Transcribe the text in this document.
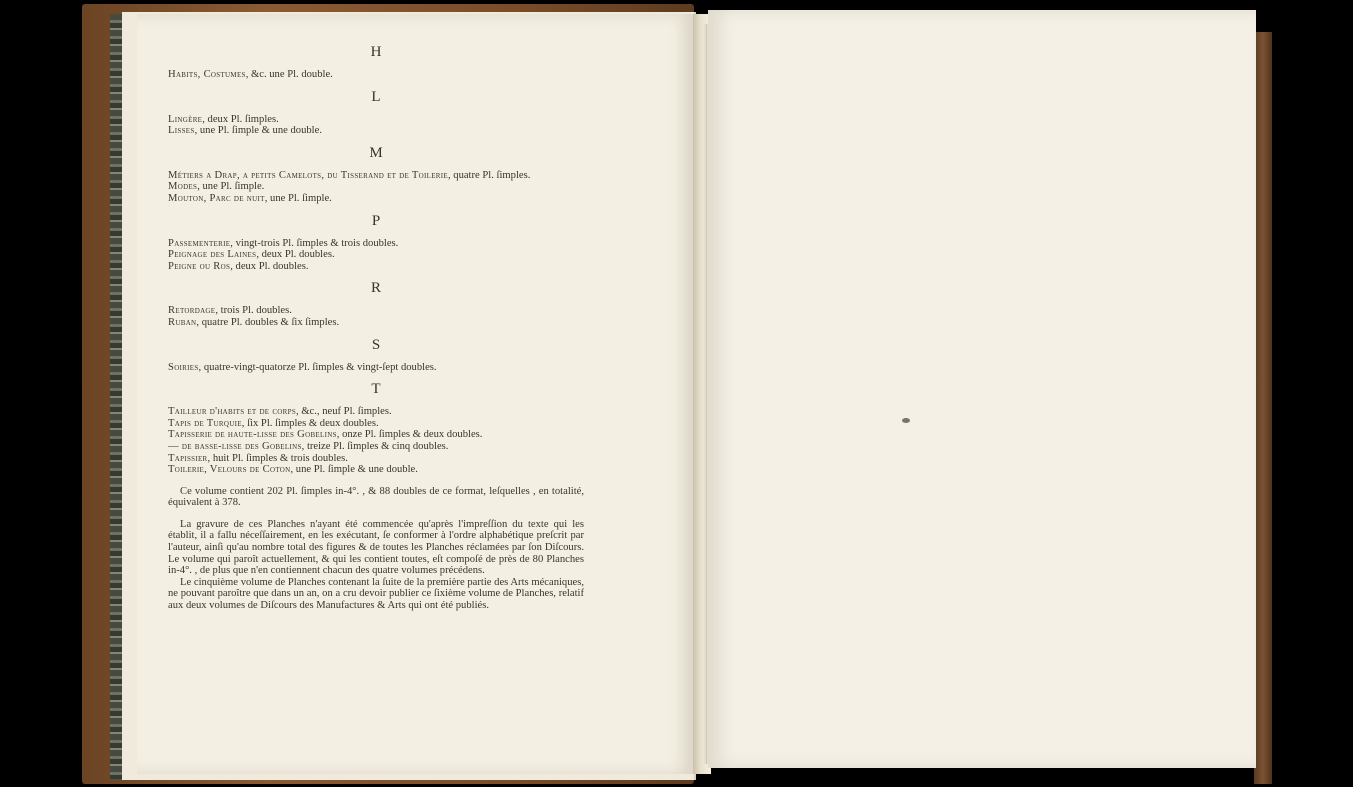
H

Habits, Costumes, &c. une Pl. double.

L

Lingère, deux Pl. ſimples.

Lisses, une Pl. ſimple & une double.

M

Métiers a Drap, a petits Camelots, du Tisserand et de Toilerie, quatre Pl. ſimples.

Modes, une Pl. ſimple.

Mouton, Parc de nuit, une Pl. ſimple.

P

Passementerie, vingt-trois Pl. ſimples & trois doubles.

Peignage des Laines, deux Pl. doubles.

Peigne ou Ros, deux Pl. doubles.

R

Retordage, trois Pl. doubles.

Ruban, quatre Pl. doubles & ſix ſimples.

S

Soiries, quatre-vingt-quatorze Pl. ſimples & vingt-ſept doubles.

T

Tailleur d'habits et de corps, &c., neuf Pl. ſimples.

Tapis de Turquie, ſix Pl. ſimples & deux doubles.

Tapisserie de haute-lisse des Gobelins, onze Pl. ſimples & deux doubles.

— de basse-lisse des Gobelins, treize Pl. ſimples & cinq doubles.

Tapissier, huit Pl. ſimples & trois doubles.

Toilerie, Velours de Coton, une Pl. ſimple & une double.

Ce volume contient 202 Pl. ſimples in-4°. , & 88 doubles de ce format, leſquelles , en totalité, équivalent à 378.

La gravure de ces Planches n'ayant été commencée qu'après l'impreſſion du texte qui les établit, il a fallu néceſſairement, en les exécutant, ſe conformer à l'ordre alphabétique preſcrit par l'auteur, ainſi qu'au nombre total des figures & de toutes les Planches réclamées par ſon Diſcours. Le volume qui paroît actuellement, & qui les contient toutes, eſt compoſé de près de 80 Planches in-4°. , de plus que n'en contiennent chacun des quatre volumes précédens.

Le cinquième volume de Planches contenant la ſuite de la première partie des Arts mécaniques, ne pouvant paroître que dans un an, on a cru devoir publier ce ſixième volume de Planches, relatif aux deux volumes de Diſcours des Manufactures & Arts qui ont été publiés.
